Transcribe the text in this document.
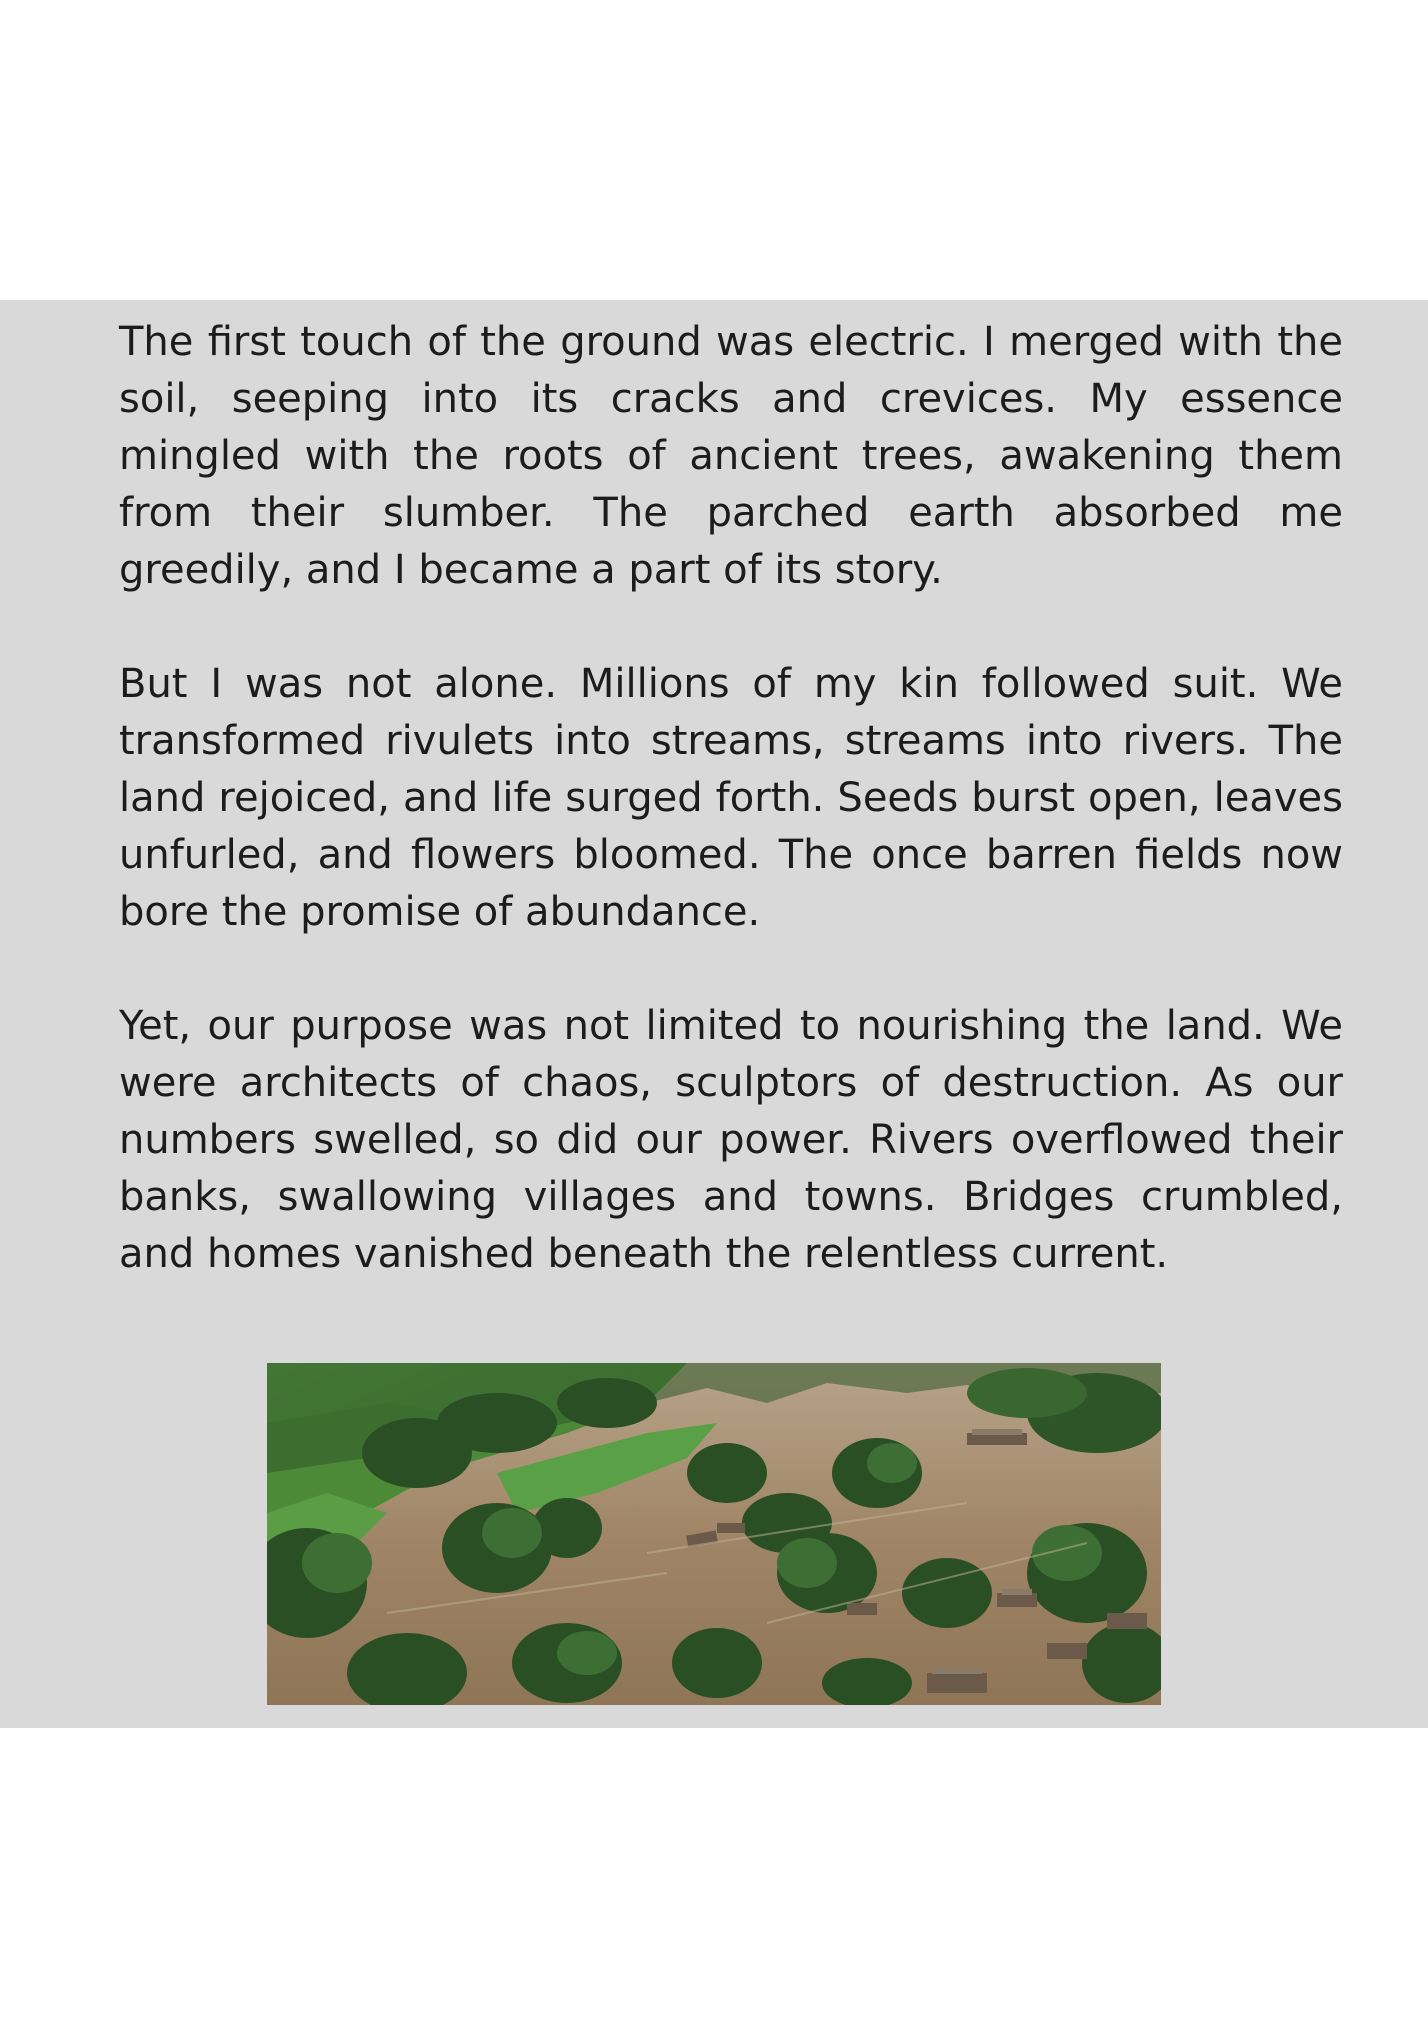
The first touch of the ground was electric. I merged with the soil, seeping into its cracks and crevices. My essence mingled with the roots of ancient trees, awakening them from their slumber. The parched earth absorbed me greedily, and I became a part of its story.

But I was not alone. Millions of my kin followed suit. We transformed rivulets into streams, streams into rivers. The land rejoiced, and life surged forth. Seeds burst open, leaves unfurled, and flowers bloomed. The once barren fields now bore the promise of abundance.

Yet, our purpose was not limited to nourishing the land. We were architects of chaos, sculptors of destruction. As our numbers swelled, so did our power. Rivers overflowed their banks, swallowing villages and towns. Bridges crumbled, and homes vanished beneath the relentless current.
